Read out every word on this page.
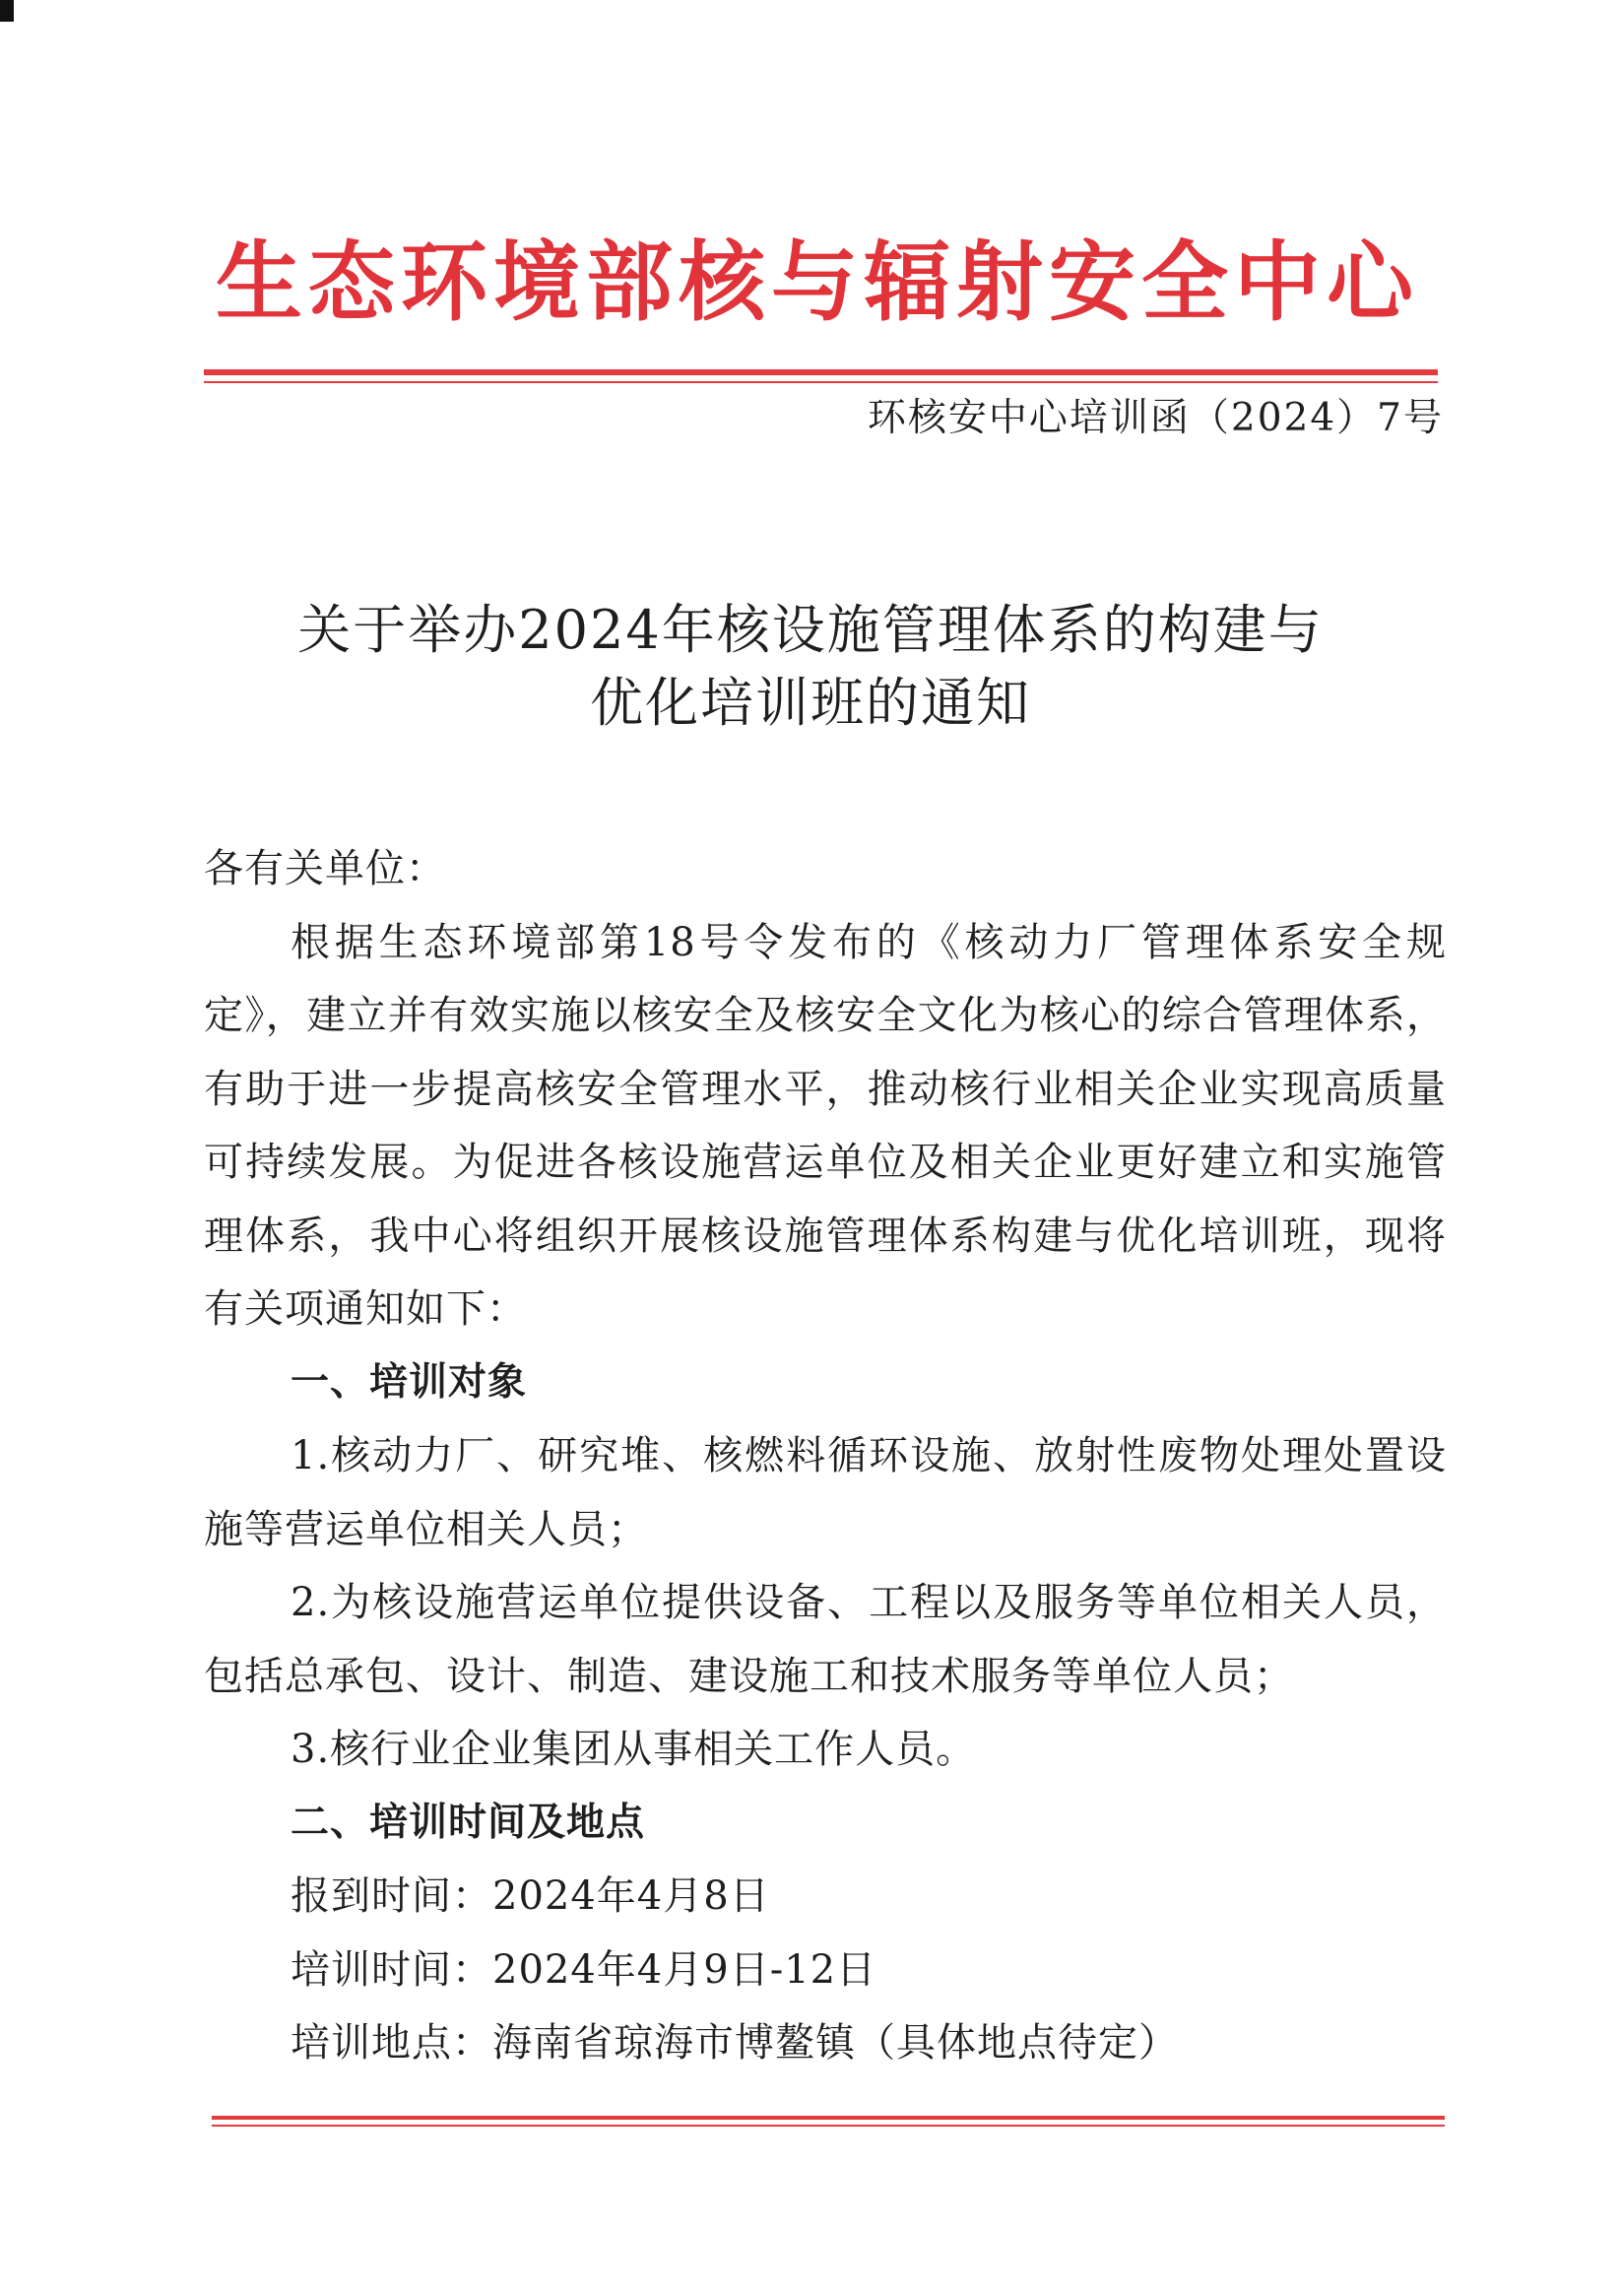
生态环境部核与辐射安全中心
环核安中心培训函（2024）7号
关于举办2024年核设施管理体系的构建与
优化培训班的通知

各有关单位：

根据生态环境部第18号令发布的《核动力厂管理体系安全规定》，建立并有效实施以核安全及核安全文化为核心的综合管理体系，有助于进一步提高核安全管理水平，推动核行业相关企业实现高质量可持续发展。为促进各核设施营运单位及相关企业更好建立和实施管理体系，我中心将组织开展核设施管理体系构建与优化培训班，现将有关项通知如下：

一、培训对象

1.核动力厂、研究堆、核燃料循环设施、放射性废物处理处置设施等营运单位相关人员；

2.为核设施营运单位提供设备、工程以及服务等单位相关人员，包括总承包、设计、制造、建设施工和技术服务等单位人员；

3.核行业企业集团从事相关工作人员。

二、培训时间及地点

报到时间：2024年4月8日

培训时间：2024年4月9日-12日

培训地点：海南省琼海市博鳌镇（具体地点待定）
